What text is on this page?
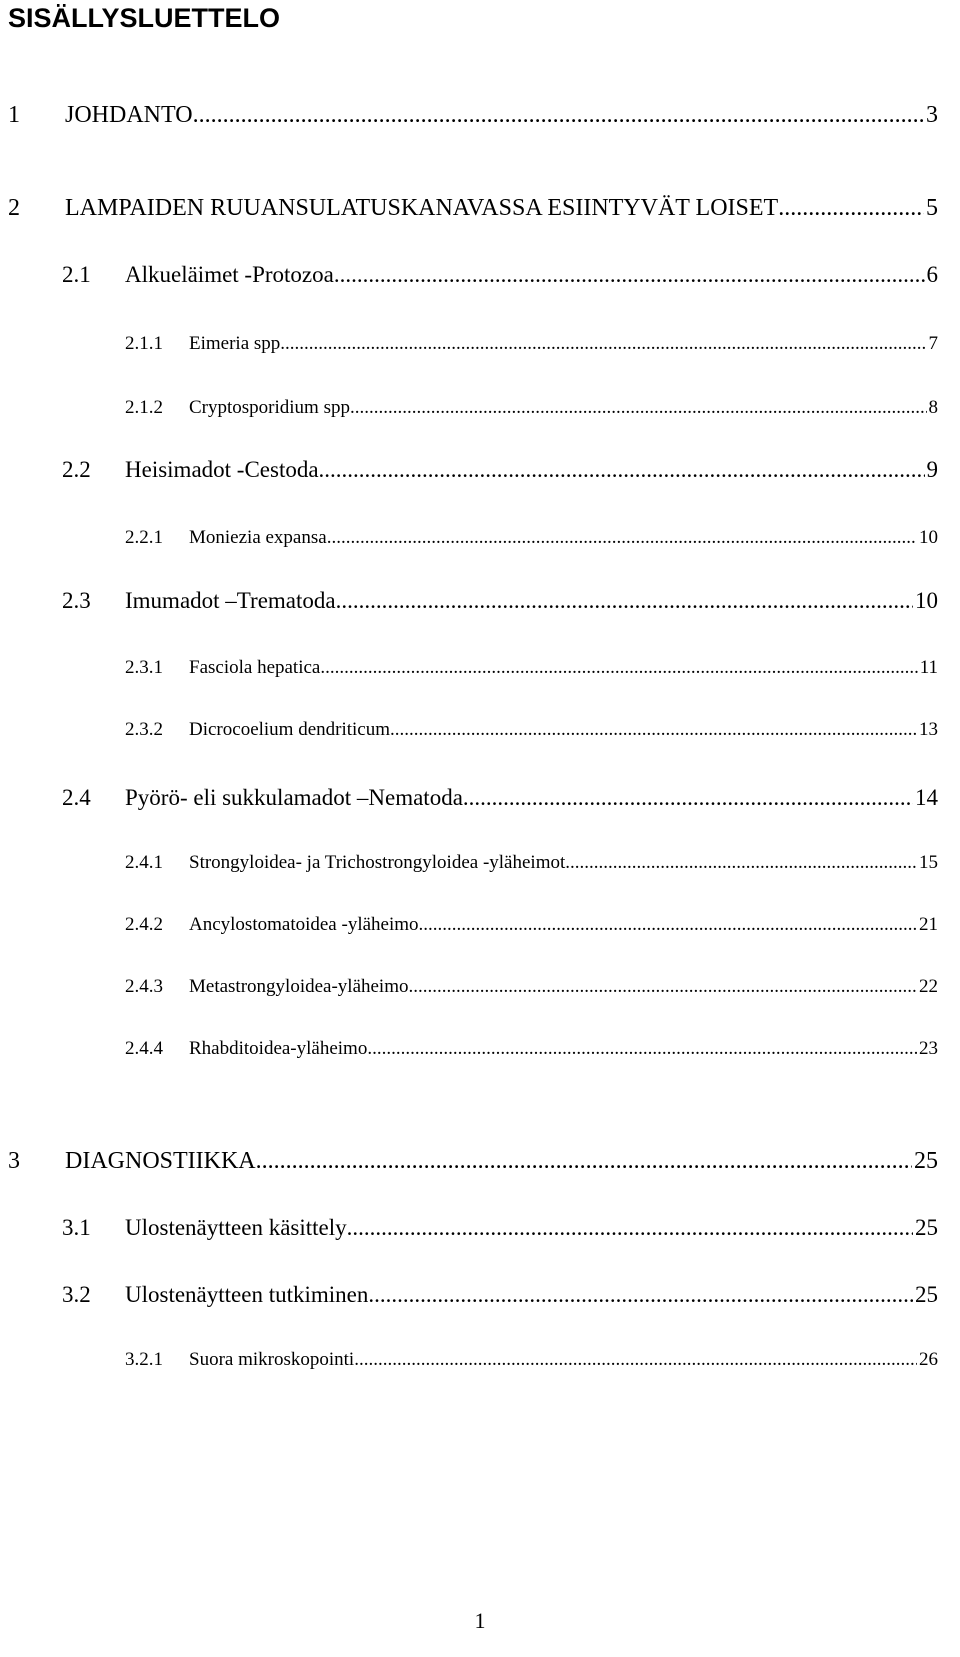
SISÄLLYSLUETTELO
1	JOHDANTO .....	3
2	LAMPAIDEN RUUANSULATUSKANAVASSA ESIINTYVÄT LOISET .....	5
2.1	Alkueläimet -Protozoa .....	6
2.1.1	Eimeria spp. .....	7
2.1.2	Cryptosporidium spp. .....	8
2.2	Heisimadot -Cestoda .....	9
2.2.1	Moniezia expansa .....	10
2.3	Imumadot –Trematoda .....	10
2.3.1	Fasciola hepatica .....	11
2.3.2	Dicrocoelium dendriticum .....	13
2.4	Pyörö- eli sukkulamadot –Nematoda .....	14
2.4.1	Strongyloidea- ja Trichostrongyloidea -yläheimot .....	15
2.4.2	Ancylostomatoidea -yläheimo .....	21
2.4.3	Metastrongyloidea-yläheimo .....	22
2.4.4	Rhabditoidea-yläheimo .....	23
3	DIAGNOSTIIKKA .....	25
3.1	Ulostenäytteen käsittely .....	25
3.2	Ulostenäytteen tutkiminen .....	25
3.2.1	Suora mikroskopointi .....	26
1
